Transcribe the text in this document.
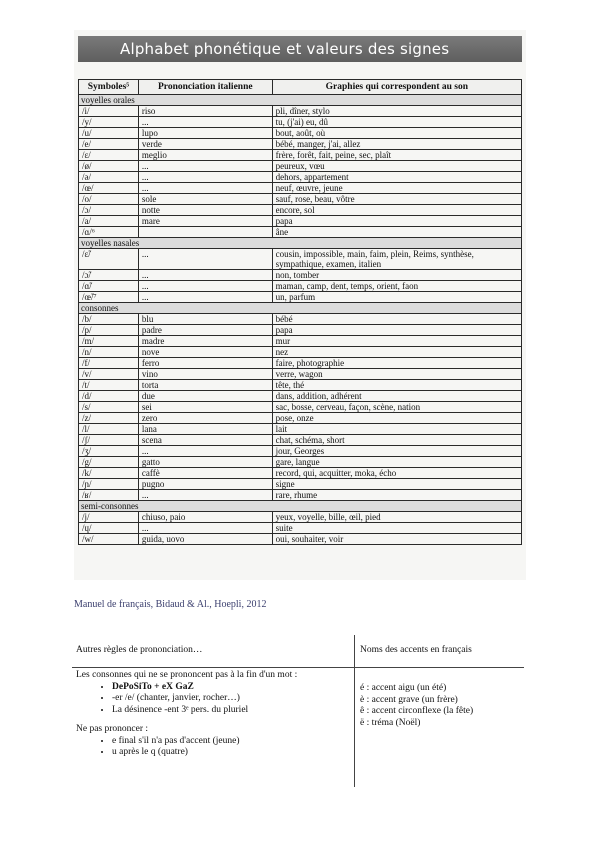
Alphabet phonétique et valeurs des signes
Symboles⁵	Prononciation italienne	Graphies qui correspondent au son
voyelles orales		
/i/	riso	pli, dîner, stylo
/y/	...	tu, (j'ai) eu, dû
/u/	lupo	bout, août, où
/e/	verde	bébé, manger, j'ai, allez
/ɛ/	meglio	frère, forêt, fait, peine, sec, plaît
/ø/	...	peureux, vœu
/ə/	...	dehors, appartement
/œ/	...	neuf, œuvre, jeune
/o/	sole	sauf, rose, beau, vôtre
/ɔ/	notte	encore, sol
/a/	mare	papa
/ɑ/⁶		âne
voyelles nasales		
/ɛ̃/	...	cousin, impossible, main, faim, plein, Reims, synthèse, sympathique, examen, italien
/ɔ̃/	...	non, tomber
/ɑ̃/	...	maman, camp, dent, temps, orient, faon
/œ̃/⁷	...	un, parfum
consonnes		
/b/	blu	bébé
/p/	padre	papa
/m/	madre	mur
/n/	nove	nez
/f/	ferro	faire, photographie
/v/	vino	verre, wagon
/t/	torta	tête, thé
/d/	due	dans, addition, adhérent
/s/	sei	sac, bosse, cerveau, façon, scène, nation
/z/	zero	pose, onze
/l/	lana	lait
/ʃ/	scena	chat, schéma, short
/ʒ/	...	jour, Georges
/g/	gatto	gare, langue
/k/	caffè	record, qui, acquitter, moka, écho
/ɲ/	pugno	signe
/ʁ/	...	rare, rhume
semi-consonnes		
/j/	chiuso, paio	yeux, voyelle, bille, œil, pied
/ɥ/	...	suite
/w/	guida, uovo	oui, souhaiter, voir
Manuel de français, Bidaud & Al., Hoepli, 2012
Autres règles de prononciation…	Noms des accents en français
Les consonnes qui ne se prononcent pas à la fin d'un mot :
• DePoSiTo + eX GaZ
• -er /e/ (chanter, janvier, rocher…)
• La désinence -ent 3ᵉ pers. du pluriel
Ne pas prononcer :
• e final s'il n'a pas d'accent (jeune)
• u après le q (quatre)
é : accent aigu (un été)
è : accent grave (un frère)
ê : accent circonflexe (la fête)
ë : tréma (Noël)
